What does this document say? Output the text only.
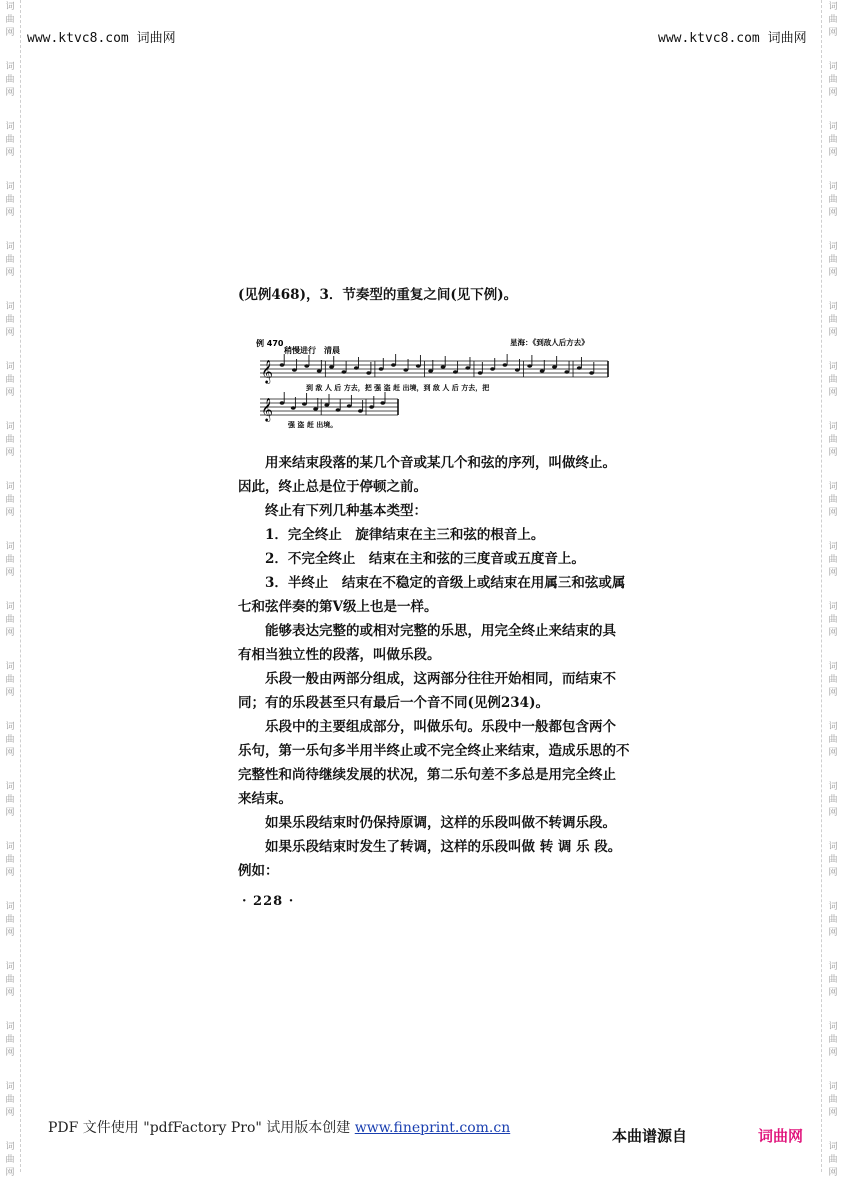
词
曲
网
词
曲
网
词
曲
网
词
曲
网
词
曲
网
词
曲
网
词
曲
网
词
曲
网
词
曲
网
词
曲
网
词
曲
网
词
曲
网
词
曲
网
词
曲
网
词
曲
网
词
曲
网
词
曲
网
词
曲
网
词
曲
网
词
曲
网
词
曲
网
词
曲
网
词
曲
网
词
曲
网
词
曲
网
词
曲
网
词
曲
网
词
曲
网
词
曲
网
词
曲
网
词
曲
网
词
曲
网
词
曲
网
词
曲
网
词
曲
网
词
曲
网
词
曲
网
词
曲
网
词
曲
网
词
曲
网
www.ktvc8.com 词曲网	www.ktvc8.com 词曲网
(见例468)，3．节奏型的重复之间(见下例)。
例 470
稍慢进行　清晨
星海：《到敌人后方去》
𝄞
𝄞
到 敌 人 后 方去，把 强 盗 赶 出境，到 敌 人 后 方去，把
强 盗 赶 出境。

用来结束段落的某几个音或某几个和弦的序列，叫做终止。

因此，终止总是位于停顿之前。

终止有下列几种基本类型：

1．完全终止　旋律结束在主三和弦的根音上。

2．不完全终止　结束在主和弦的三度音或五度音上。

3．半终止　结束在不稳定的音级上或结束在用属三和弦或属

七和弦伴奏的第Ⅴ级上也是一样。

能够表达完整的或相对完整的乐思，用完全终止来结束的具

有相当独立性的段落，叫做乐段。

乐段一般由两部分组成，这两部分往往开始相同，而结束不

同；有的乐段甚至只有最后一个音不同(见例234)。

乐段中的主要组成部分，叫做乐句。乐段中一般都包含两个

乐句，第一乐句多半用半终止或不完全终止来结束，造成乐思的不

完整性和尚待继续发展的状况，第二乐句差不多总是用完全终止

来结束。

如果乐段结束时仍保持原调，这样的乐段叫做不转调乐段。

如果乐段结束时发生了转调，这样的乐段叫做 转 调 乐 段。

例如：

· 228 ·
PDF 文件使用 "pdfFactory Pro" 试用版本创建 www.fineprint.com.cn	本曲谱源自	词曲网
